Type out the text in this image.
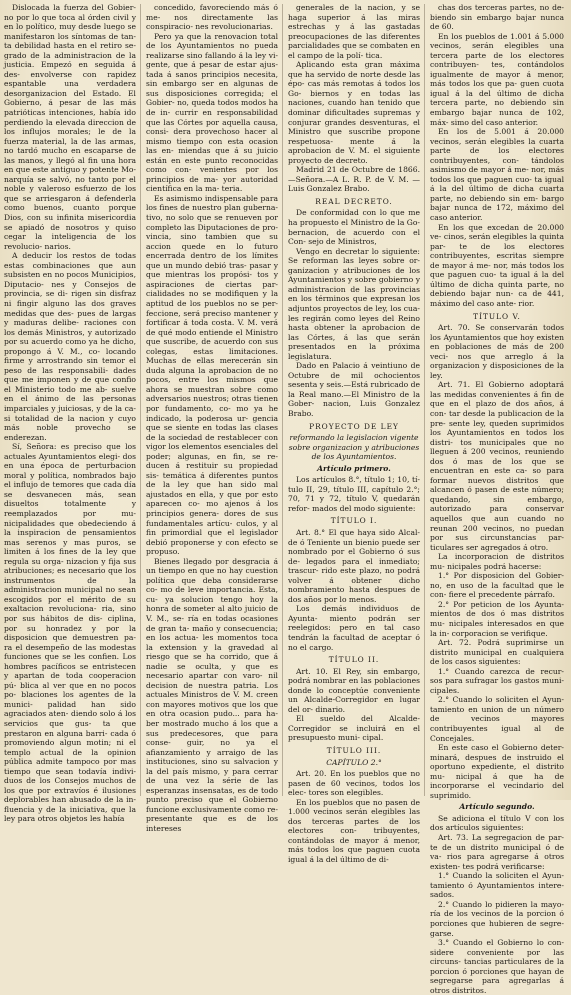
Dislocada la fuerza del Gobier- no por lo que toca al órden civil y en lo político, muy desde luego se manifestaron los síntomas de tan- ta debilidad hasta en el retiro se- grado de la administracion de la justicia. Empezó en seguida á des- envolverse con rapidez espantable una verdadera desorganizacion del Estado. El Gobierno, á pesar de las más patrióticas intenciones, había ido perdiendo la elevada direccion de los influjos morales; le de la fuerza material, la de las armas, no tardó mucho en escaparse de las manos, y llegó al fin una hora en que este antiguo y potente Mo- narquía se salvó, no tanto por el noble y valeroso esfuerzo de los que se arriesgaron á defenderla como buenos, cuanto porque Dios, con su infinita misericordia se apiadó de nosotros y quiso cegar la inteligencia de los revolucio- narios.

A deducir los restos de todas estas combinaciones que aun subsisten en no pocos Municipios, Diputacio- nes y Consejos de provincia, se di- rigen sin disfraz ni fingir alguno las dos graves medidas que des- pues de largas y maduras delibe- raciones con los demás Ministros, y autorizado por su acuerdo como ya he dicho, propongo á V. M., co- locando firme y arrostrando sin temor el peso de las responsabili- dades que me imponen y de que confio el Ministerio todo me ab- suelve en el ánimo de las personas imparciales y juiciosas, y de la ca- si totalidad de la nacion y cuyo más noble provecho se enderezan.

Sí, Señora: es preciso que los actuales Ayuntamientos elegi- dos en una época de perturbacion moral y política, nombrados bajo el influjo de temores que cada día se desvanecen más, sean disueltos totalmente y reemplazados por mu- nicipalidades que obedeciendo á la inspiracion de pensamientos mas serenos y mas puros, se limiten á los fines de la ley que regula su orga- nizacion y fija sus atribuciones; es necesario que los instrumentos de la administracion municipal no sean escogidos por el mérito de su exaltacion revoluciona- ria, sino por sus hábitos de dis- ciplina, por su honradez y por la disposicion que demuestren pa- ra el desempeño de las modestas funciones que se les confien. Los hombres pacíficos se entristecen y apartan de toda cooperacion pú- blica al ver que en no pocos po- blaciones los agentes de la munici- palidad han sido agraciados aten- diendo solo á los servicios que gus- ta que prestaron en alguna barri- cada ó promoviendo algun motin; ni el templo actual de la opinion pública admite tampoco por mas tiempo que sean todavía indivi- duos de los Consejos muchos de los que por extravíos é ilusiones deplorables han abusado de la in- fluencia y de la iniciativa, que la ley para otros objetos les había

concedido, favoreciendo más ó me- nos directamente las conspiracio- nes revolucionarias.

Pero ya que la renovacion total de los Ayuntamientos no pueda realizarse sino fallando á la ley vi- gente, que á pesar de estar ajus- tada á sanos principios necesita, sin embargo ser en algunas de sus disposiciones corregida; el Gobier- no, queda todos modos ha de in- currir en responsabilidad que las Córtes por aquella causa, consi- dera provechoso hacer al mismo tiempo con esta ocasion las en- miendas que á su juicio están en este punto reconocidas como con- venientes por los principios de ma- yor autoridad científica en la ma- teria.

Es asimismo indispensable para los fines de nuestro plan guberna- tivo, no solo que se renueven por completo las Diputaciones de pro- vincia, sino tambien que su accion quede en lo futuro encerrada dentro de los límites que un mundo debió tras- pasar y que mientras los propósi- tos y aspiraciones de ciertas par- cialidades no se modifiquen y la aptitud de los pueblos no se per- feccione, será preciso mantener y fortificar á toda costa. V. M. verá de qué modo entiende el Ministro que suscribe, de acuerdo con sus colegas, estas limitaciones. Muchas de ellas merecerán sin duda alguna la aprobacion de no pocos, entre los mismos que ahora se muestran sobre como adversarios nuestros; otras tienen por fundamento, co- mo ya he indicado, la poderosa ur- gencia que se siente en todas las clases de la sociedad de restablecer con vigor los elementos esenciales del poder; algunas, en fin, se re- ducen á restituir su propiedad sis- temática á diferentes puntos de la ley que han sido mal ajustados en ella, y que por esto aparecen co- mo ajenos á los principios genera- dores de sus fundamentales artícu- culos, y al fin primordial que el legislador debió proponerse y con efecto se propuso.

Bienes llegado por desgracia á un tiempo en que no hay cuestion política que deba considerarse co- mo de leve importancia. Esta, cu- ya solucion tengo hoy la honra de someter al alto juicio de V. M., se- ría en todas ocasiones de gran ta- maño y consecuencia; en los actua- les momentos toca la extension y la gravedad al riesgo que se ha corrido, que á nadie se oculta, y que es necesario apartar con varo- nil decision de nuestra patria. Los actuales Ministros de V. M. creen con mayores motivos que los que en otra ocasion pudo... para ha- ber mostrado mucho á los que a sus predecesores, que para conse- guir, no ya el afianzamiento y arraigo de las instituciones, sino su salvacion y la del país mismo, y para cerrar de una vez la série de las esperanzas insensatas, es de todo punto preciso que el Gobierno funcione exclusivamente como re- presentante que es de los intereses

generales de la nacion, y se haga superior á las miras estrechas y á las gastadas preocupaciones de las diferentes parcialidades que se combaten en el campo de la polí- tica.

Aplicando esta gran máxima que ha servido de norte desde las épo- cas más remotas á todos los Go- biernos y en todas las naciones, cuando han tenido que dominar dificultades supremas y conjurar grandes desventuras, el Ministro que suscribe propone respetuosa- mente á la aprobacion de V. M. el siguiente proyecto de decreto.

Madrid 21 de Octubre de 1866. —Señora.—A L. R. P. de V. M. —Luis Gonzalez Brabo.

REAL DECRETO.

De conformidad con lo que me ha propuesto el Ministro de la Go- bernacion, de acuerdo con el Con- sejo de Ministros,

Vengo en decretar lo siguiente: Se reforman las leyes sobre or- ganizacion y atribuciones de los Ayuntamientos y sobre gobierno y administracion de las provincias en los términos que expresan los adjuntos proyectos de ley, los cua- les regirán como leyes del Reino hasta obtener la aprobacion de las Córtes, á las que serán presentados en la próxima legislatura.

Dado en Palacio á veintiuno de Octubre de mil ochocientos sesenta y seis.—Está rubricado de la Real mano.—El Ministro de la Gober- nacion, Luis Gonzalez Brabo.

PROYECTO DE LEY
reformando la legislacion vigente sobre organizacion y atribuciones de los Ayuntamientos.
Artículo primero.

Los artículos 8.°, título 1; 10, tí- tulo II, 29, título III, capítulo 2.°; 70, 71 y 72, título V, quedarán refor- mados del modo siguiente:

TÍTULO I.

Art. 8.° El que haya sido Alcal- de ó Teniente un bienio puede ser nombrado por el Gobierno ó sus de- legados para el inmediato; trascur- rido este plazo, no podrá volver á obtener dicho nombramiento hasta despues de dos años por lo menos.

Los demás individuos de Ayunta- miento podrán ser reelegidos: pero en tal caso tendrán la facultad de aceptar ó no el cargo.

TÍTULO II.

Art. 10. El Rey, sin embargo, podrá nombrar en las poblaciones donde lo conceptúe conveniente un Alcalde-Corregidor en lugar del or- dinario.

El sueldo del Alcalde-Corregidor se incluirá en el presupuesto muni- cipal.

TÍTULO III.
CAPÍTULO 2.°

Art. 20. En los pueblos que no pasen de 60 vecinos, todos los elec- tores son elegibles.

En los pueblos que no pasen de 1.000 vecinos serán elegibles las dos terceras partes de los electores con- tribuyentes, contándolas de mayor á menor, más todos los que paguen cuota igual á la del último de di-

chas dos terceras partes, no de- biendo sin embargo bajar nunca de 60.

En los pueblos de 1.001 á 5.000 vecinos, serán elegibles una tercera parte de los electores contribuyen- tes, contándolos igualmente de mayor á menor, más todos los que pa- guen cuota igual á la del último de dicha tercera parte, no debiendo sin embargo bajar nunca de 102, máx- simo del caso anterior.

En los de 5.001 á 20.000 vecinos, serán elegibles la cuarta parte de los electores contribuyentes, con- tándolos asimismo de mayor á me- nor, más todos los que paguen cuo- ta igual á la del último de dicha cuarta parte, no debiendo sin em- bargo bajar nunca de 172, máximo del caso anterior.

En los que excedan de 20.000 ve- cinos, serán elegibles la quinta par- te de los electores contribuyentes, escritas siempre de mayor á me- nor, más todos los que paguen cuo- ta igual á la del último de dicha quinta parte, no debiendo bajar nun- ca de 441, máximo del caso ante- rior.

TÍTULO V.

Art. 70. Se conservarán todos los Ayuntamientos que hoy existen en poblaciones de más de 200 veci- nos que arreglo á la organizacion y disposiciones de la ley.

Art. 71. El Gobierno adoptará las medidas convenientes á fin de que en el plazo de dos años, á con- tar desde la publicacion de la pre- sente ley, queden suprimidos los Ayuntamientos en todos los distri- tos municipales que no lleguen á 200 vecinos, reuniendo dos ó mas de los que se encuentran en este ca- so para formar nuevos distritos que alcancen ó pasen de este número; quedando, sin embargo, autorizado para conservar aquellos que aun cuando no reunan 200 vecinos, no puedan por sus circunstancias par- ticulares ser agregados á otro.

La incorporacion de distritos mu- nicipales podrá hacerse:

1.° Por disposicion del Gobier- no, en uso de la facultad que le con- fiere el precedente párrafo.

2.° Por peticion de los Ayunta- mientos de dos ó mas distritos mu- nicipales interesados en que la in- corporacion se verifique.

Art. 72. Podrá suprimirse un distrito municipal en cualquiera de los casos siguientes:

1.° Cuando carezca de recur- sos para sufragar los gastos muni- cipales.

2.° Cuando lo soliciten el Ayun- tamiento en union de un número de vecinos mayores contribuyentes igual al de Concejales.

En este caso el Gobierno deter- minará, despues de instruido el oportuno expediente, el distrito mu- nicipal á que ha de incorporarse el vecindario del suprimido.

Artículo segundo.

Se adiciona el título V con los dos artículos siguientes:

Art. 73. La segregacion de par- te de un distrito municipal ó de va- rios para agregarse á otros existen- tes podrá verificarse:

1.° Cuando la soliciten el Ayun- tamiento ó Ayuntamientos intere- sados.

2.° Cuando lo pidieren la mayo- ría de los vecinos de la porcion ó porciones que hubieren de segre- garse.

3.° Cuando el Gobierno lo con- sidere conveniente por las circuns- tancias particulares de la porcion ó porciones que hayan de segregarse para agregarlas á otros distritos.
